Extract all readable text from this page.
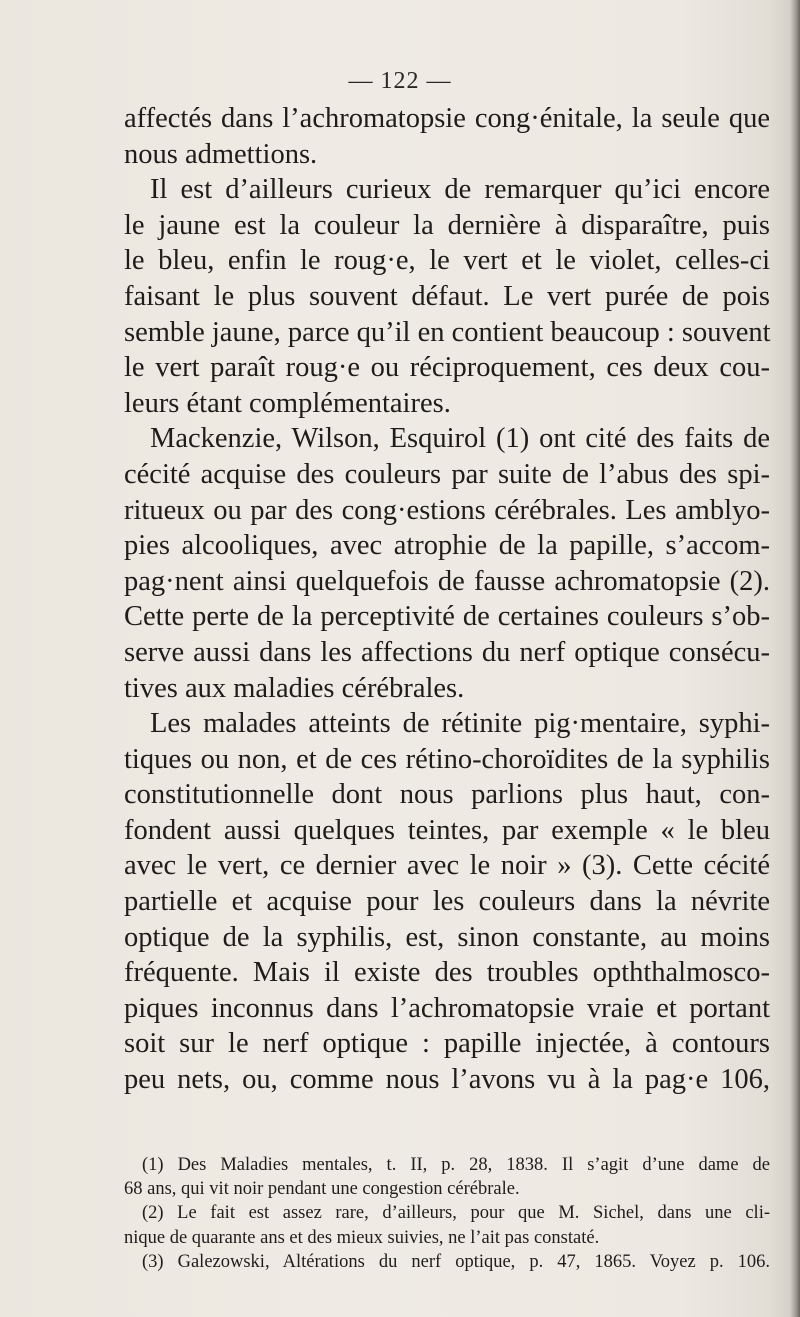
— 122 —
affectés dans l’achromatopsie cong·énitale, la seule que
nous admettions.
Il est d’ailleurs curieux de remarquer qu’ici encore
le jaune est la couleur la dernière à disparaître, puis
le bleu, enfin le roug·e, le vert et le violet, celles-ci
faisant le plus souvent défaut. Le vert purée de pois
semble jaune, parce qu’il en contient beaucoup : souvent
le vert paraît roug·e ou réciproquement, ces deux cou-
leurs étant complémentaires.
Mackenzie, Wilson, Esquirol (1) ont cité des faits de
cécité acquise des couleurs par suite de l’abus des spi-
ritueux ou par des cong·estions cérébrales. Les amblyo-
pies alcooliques, avec atrophie de la papille, s’accom-
pag·nent ainsi quelquefois de fausse achromatopsie (2).
Cette perte de la perceptivité de certaines couleurs s’ob-
serve aussi dans les affections du nerf optique consécu-
tives aux maladies cérébrales.
Les malades atteints de rétinite pig·mentaire, syphi-
tiques ou non, et de ces rétino-choroïdites de la syphilis
constitutionnelle dont nous parlions plus haut, con-
fondent aussi quelques teintes, par exemple « le bleu
avec le vert, ce dernier avec le noir » (3). Cette cécité
partielle et acquise pour les couleurs dans la névrite
optique de la syphilis, est, sinon constante, au moins
fréquente. Mais il existe des troubles opththalmosco-
piques inconnus dans l’achromatopsie vraie et portant
soit sur le nerf optique : papille injectée, à contours
peu nets, ou, comme nous l’avons vu à la pag·e 106,
(1) Des Maladies mentales, t. II, p. 28, 1838. Il s’agit d’une dame de
68 ans, qui vit noir pendant une congestion cérébrale.
(2) Le fait est assez rare, d’ailleurs, pour que M. Sichel, dans une cli-
nique de quarante ans et des mieux suivies, ne l’ait pas constaté.
(3) Galezowski, Altérations du nerf optique, p. 47, 1865. Voyez p. 106.
